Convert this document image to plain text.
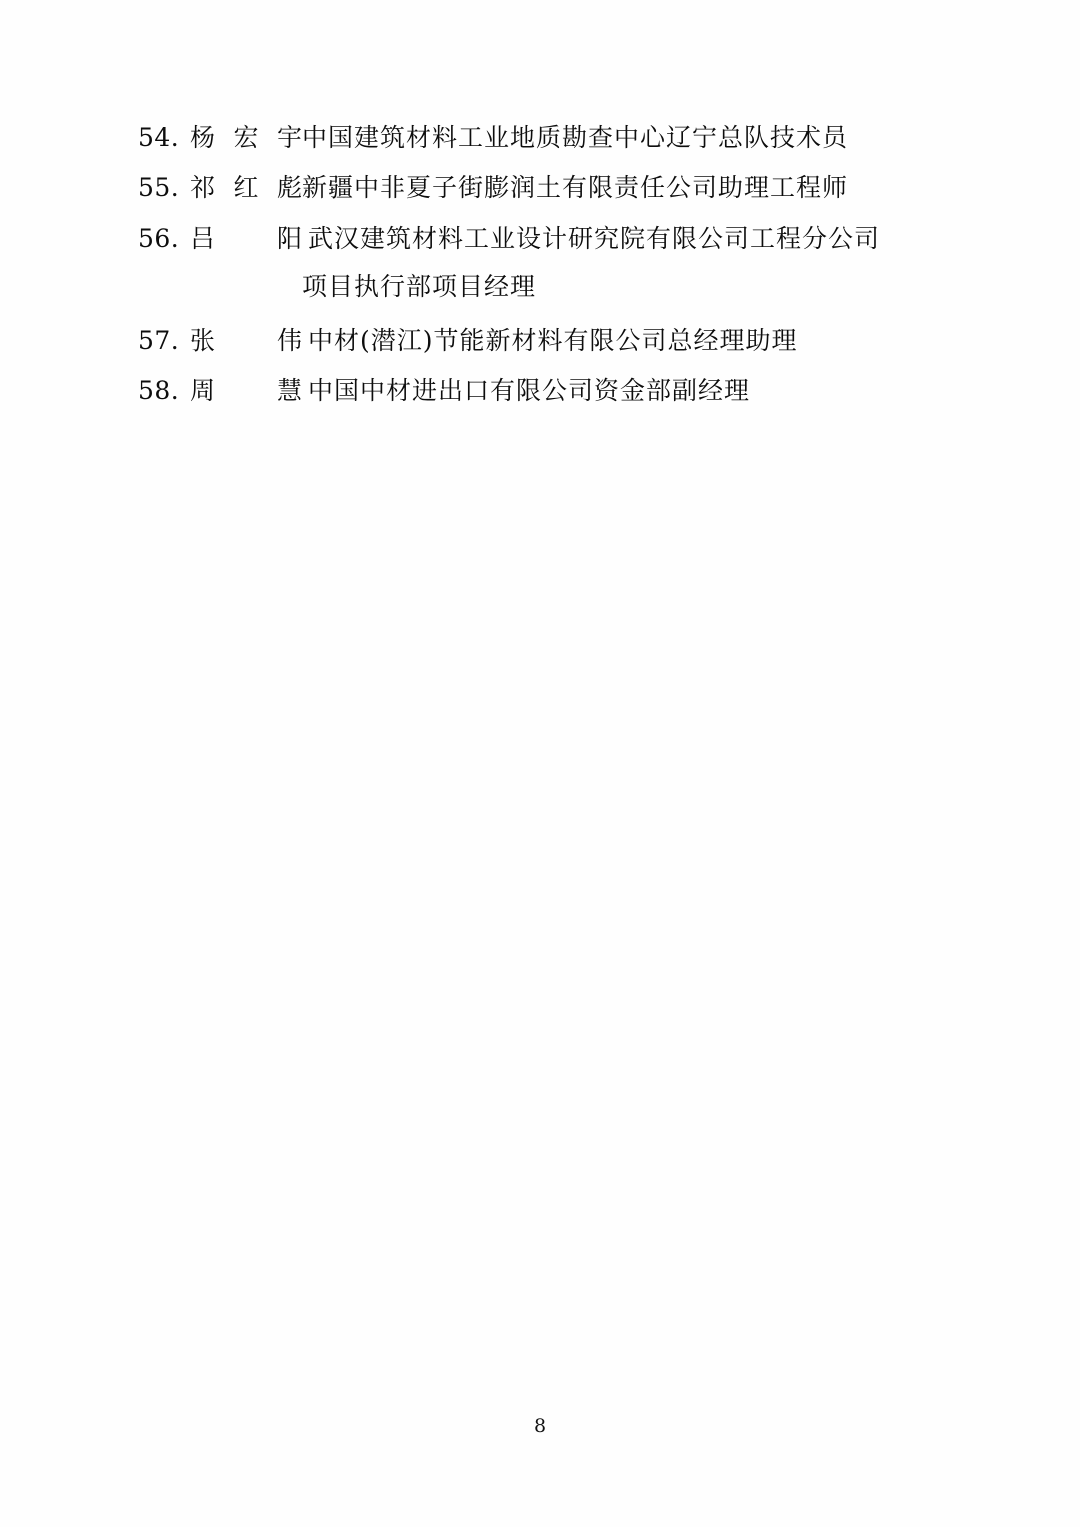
54. 杨 宏 宇 中国建筑材料工业地质勘查中心辽宁总队技术员
55. 祁 红 彪 新疆中非夏子街膨润土有限责任公司助理工程师
56. 吕 阳 武汉建筑材料工业设计研究院有限公司工程分公司
项目执行部项目经理
57. 张 伟 中材(潜江)节能新材料有限公司总经理助理
58. 周 慧 中国中材进出口有限公司资金部副经理
8
